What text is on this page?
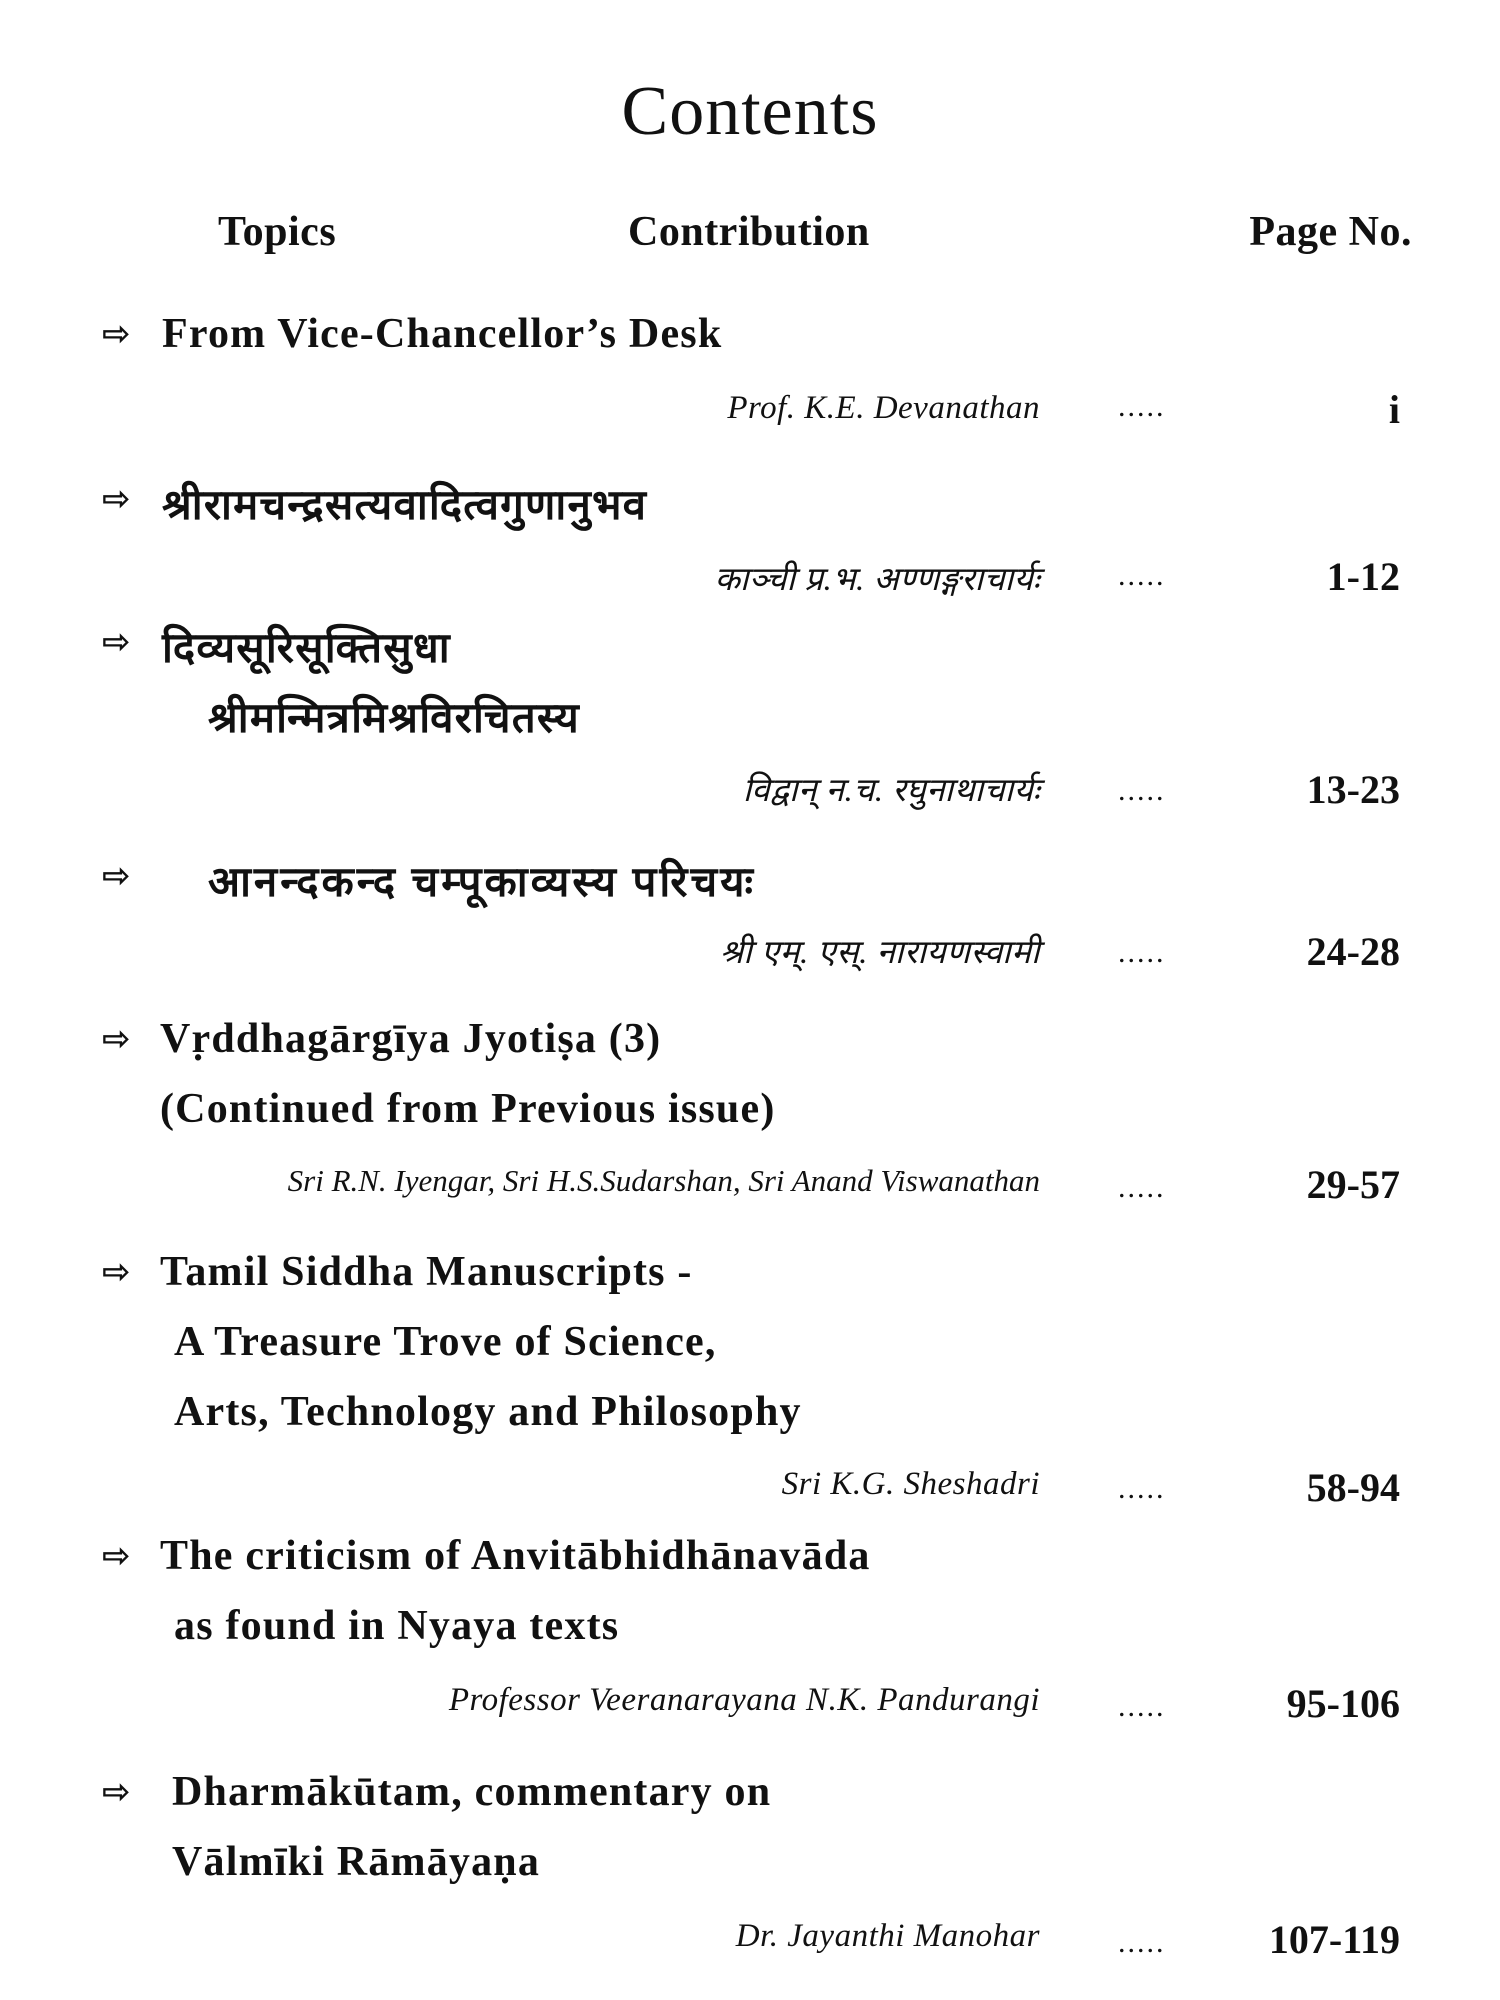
Contents
Topics	Contribution	Page No.
⇨ From Vice-Chancellor’s Desk
Prof. K.E. Devanathan	.....	i
⇨ श्रीरामचन्द्रसत्यवादित्वगुणानुभव
काञ्ची प्र.भ. अण्णङ्गराचार्यः	.....	1-12
⇨ दिव्यसूरिसूक्तिसुधा
श्रीमन्मित्रमिश्रविरचितस्य
विद्वान् न.च. रघुनाथाचार्यः	.....	13-23
⇨ आनन्दकन्द चम्पूकाव्यस्य परिचयः
श्री एम्. एस्. नारायणस्वामी	.....	24-28
⇨ Vṛddhagārgīya Jyotiṣa (3)
(Continued from Previous issue)
Sri R.N. Iyengar, Sri H.S.Sudarshan, Sri Anand Viswanathan	.....	29-57
⇨ Tamil Siddha Manuscripts -
A Treasure Trove of Science,
Arts, Technology and Philosophy
Sri K.G. Sheshadri	.....	58-94
⇨ The criticism of Anvitābhidhānavāda
as found in Nyaya texts
Professor Veeranarayana N.K. Pandurangi	.....	95-106
⇨ Dharmākūtam, commentary on
Vālmīki Rāmāyaṇa
Dr. Jayanthi Manohar	.....	107-119
